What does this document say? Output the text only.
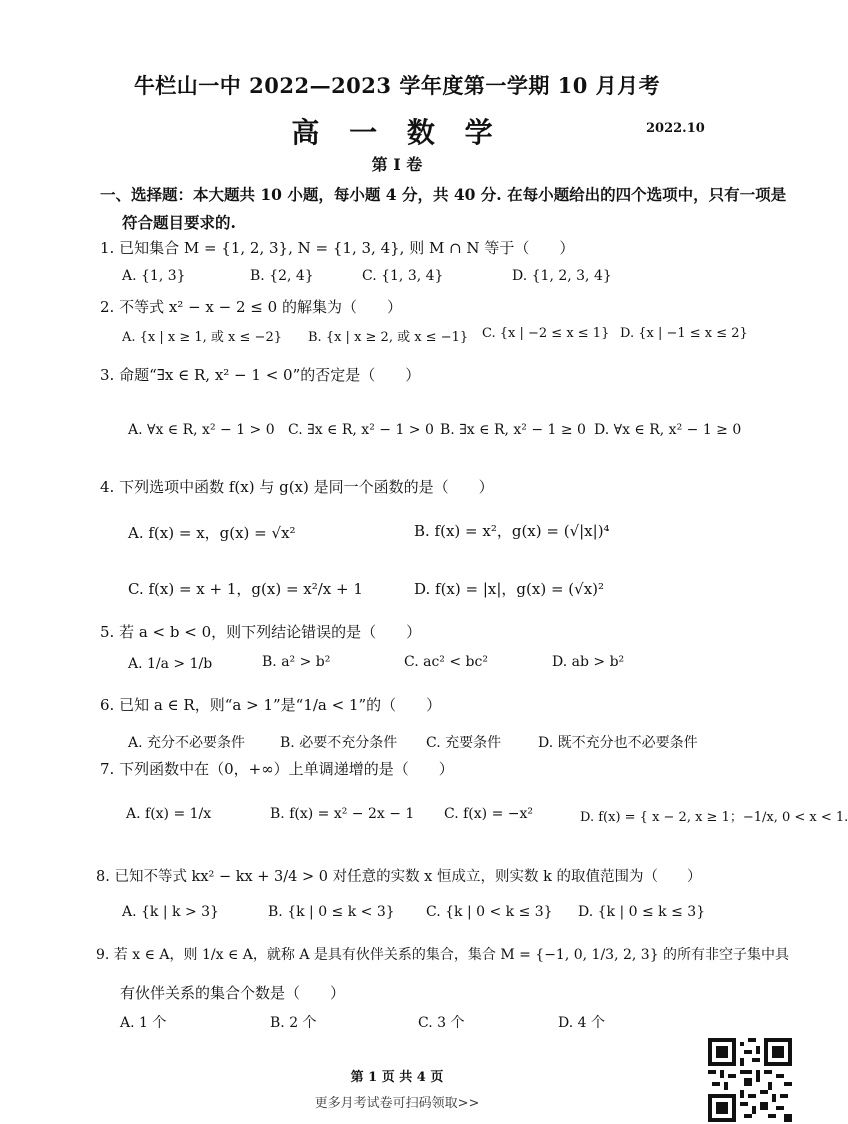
牛栏山一中 2022—2023 学年度第一学期 10 月月考
高 一 数 学	2022.10
第 I 卷
一、选择题：本大题共 10 小题，每小题 4 分，共 40 分. 在每小题给出的四个选项中，只有一项是
符合题目要求的.
1. 已知集合 M = {1, 2, 3}, N = {1, 3, 4}, 则 M ∩ N 等于（　　）
A. {1, 3}	B. {2, 4}	C. {1, 3, 4}	D. {1, 2, 3, 4}
2. 不等式 x² − x − 2 ≤ 0 的解集为（　　）
A. {x | x ≥ 1, 或 x ≤ −2} B. {x | x ≥ 2, 或 x ≤ −1} C. {x | −2 ≤ x ≤ 1} D. {x | −1 ≤ x ≤ 2}
3. 命题“∃x ∈ R, x² − 1 < 0”的否定是（　　）
A. ∀x ∈ R, x² − 1 > 0 C. ∃x ∈ R, x² − 1 > 0 B. ∃x ∈ R, x² − 1 ≥ 0 D. ∀x ∈ R, x² − 1 ≥ 0
4. 下列选项中函数 f(x) 与 g(x) 是同一个函数的是（　　）
A. f(x) = x，g(x) = √x²	B. f(x) = x²，g(x) = (√|x|)⁴
C. f(x) = x + 1，g(x) = x²/x + 1	D. f(x) = |x|，g(x) = (√x)²
5. 若 a < b < 0，则下列结论错误的是（　　）
A. 1/a > 1/b	B. a² > b²	C. ac² < bc²	D. ab > b²
6. 已知 a ∈ R，则“a > 1”是“1/a < 1”的（　　）
A. 充分不必要条件 B. 必要不充分条件 C. 充要条件	D. 既不充分也不必要条件
7. 下列函数中在（0，+∞）上单调递增的是（　　）
A. f(x) = 1/x	B. f(x) = x² − 2x − 1 C. f(x) = −x²	D. f(x) = { x − 2, x ≥ 1；−1/x, 0 < x < 1.
8. 已知不等式 kx² − kx + 3/4 > 0 对任意的实数 x 恒成立，则实数 k 的取值范围为（　　）
A. {k | k > 3}	B. {k | 0 ≤ k < 3} C. {k | 0 < k ≤ 3} D. {k | 0 ≤ k ≤ 3}
9. 若 x ∈ A，则 1/x ∈ A，就称 A 是具有伙伴关系的集合，集合 M = {−1, 0, 1/3, 2, 3} 的所有非空子集中具
有伙伴关系的集合个数是（　　）
A. 1 个	B. 2 个	C. 3 个	D. 4 个
第 1 页 共 4 页
更多月考试卷可扫码领取>>
